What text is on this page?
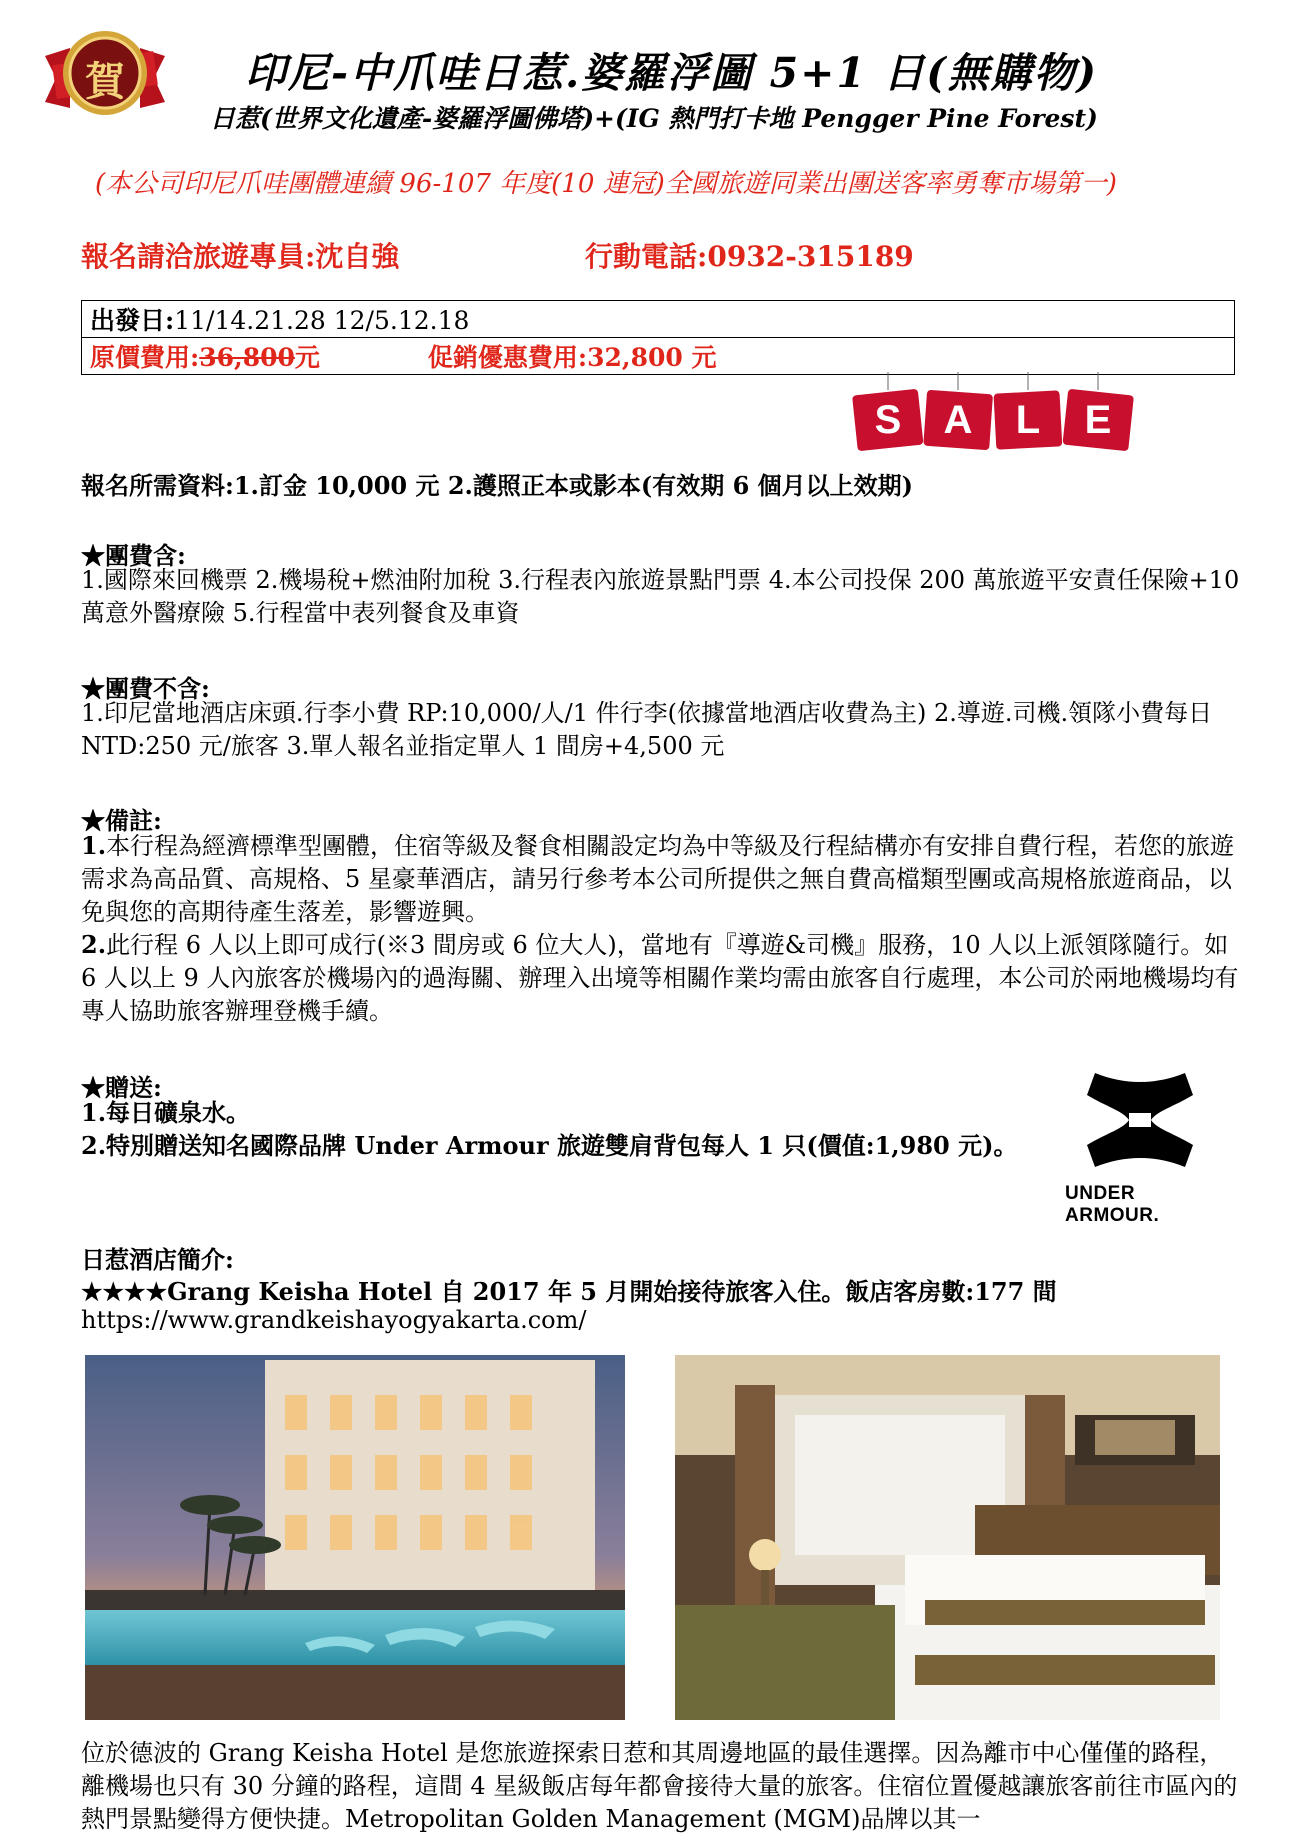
賀	印尼-中爪哇日惹.婆羅浮圖 5+1 日(無購物)
日惹(世界文化遺產-婆羅浮圖佛塔)+(IG 熱門打卡地 Pengger Pine Forest)
(本公司印尼爪哇團體連續 96-107 年度(10 連冠)全國旅遊同業出團送客率勇奪市場第一)
報名請洽旅遊專員:沈自強	行動電話:0932-315189
出發日:11/14.21.28 12/5.12.18
原價費用:36,800元	促銷優惠費用:32,800 元
S A L E
報名所需資料:1.訂金 10,000 元 2.護照正本或影本(有效期 6 個月以上效期)
★團費含:
1.國際來回機票 2.機場稅+燃油附加稅 3.行程表內旅遊景點門票 4.本公司投保 200 萬旅遊平安責任保險+10 萬意外醫療險 5.行程當中表列餐食及車資
★團費不含:
1.印尼當地酒店床頭.行李小費 RP:10,000/人/1 件行李(依據當地酒店收費為主) 2.導遊.司機.領隊小費每日 NTD:250 元/旅客 3.單人報名並指定單人 1 間房+4,500 元
★備註:
1.本行程為經濟標準型團體，住宿等級及餐食相關設定均為中等級及行程結構亦有安排自費行程，若您的旅遊需求為高品質、高規格、5 星豪華酒店，請另行參考本公司所提供之無自費高檔類型團或高規格旅遊商品，以免與您的高期待產生落差，影響遊興。
2.此行程 6 人以上即可成行(※3 間房或 6 位大人)，當地有『導遊&司機』服務，10 人以上派領隊隨行。如 6 人以上 9 人內旅客於機場內的過海關、辦理入出境等相關作業均需由旅客自行處理，本公司於兩地機場均有專人協助旅客辦理登機手續。
★贈送:
1.每日礦泉水。
2.特別贈送知名國際品牌 Under Armour 旅遊雙肩背包每人 1 只(價值:1,980 元)。
UNDER ARMOUR.
日惹酒店簡介:
★★★★Grang Keisha Hotel 自 2017 年 5 月開始接待旅客入住。飯店客房數:177 間
https://www.grandkeishayogyakarta.com/
位於德波的 Grang Keisha Hotel 是您旅遊探索日惹和其周邊地區的最佳選擇。因為離市中心僅僅的路程，離機場也只有 30 分鐘的路程，這間 4 星級飯店每年都會接待大量的旅客。住宿位置優越讓旅客前往市區內的熱門景點變得方便快捷。Metropolitan Golden Management (MGM)品牌以其一
